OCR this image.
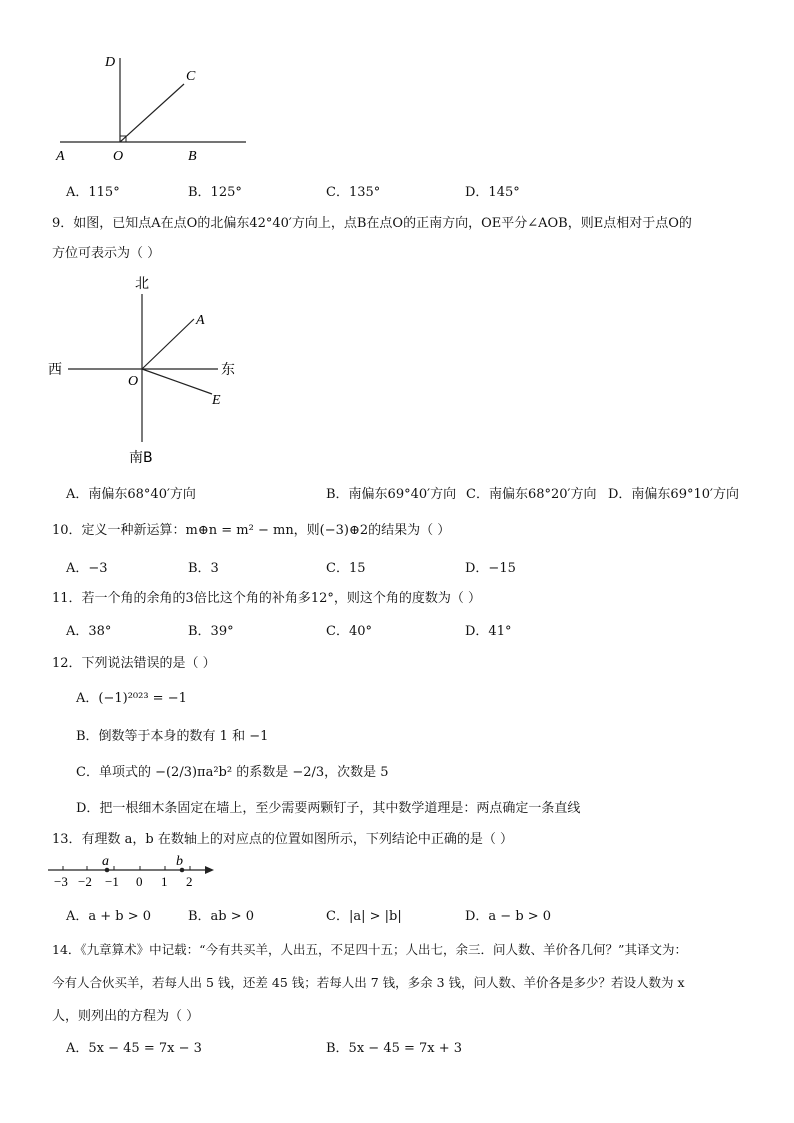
D
C
A	O	B
A．115°	B．125°	C．135°	D．145°
9．如图，已知点A在点O的北偏东42°40′方向上，点B在点O的正南方向，OE平分∠AOB，则E点相对于点O的
方位可表示为（ ）
北
西	东
南B
A
O
E
A．南偏东68°40′方向	B．南偏东69°40′方向 C．南偏东68°20′方向 D．南偏东69°10′方向
10．定义一种新运算：m⊕n = m² − mn，则(−3)⊕2的结果为（ ）
A．−3	B．3	C．15	D．−15
11．若一个角的余角的3倍比这个角的补角多12°，则这个角的度数为（ ）
A．38°	B．39°	C．40°	D．41°
12．下列说法错误的是（ ）
A．(−1)²⁰²³ = −1
B．倒数等于本身的数有 1 和 −1
C．单项式的 −(2/3)πa²b² 的系数是 −2/3，次数是 5
D．把一根细木条固定在墙上，至少需要两颗钉子，其中数学道理是：两点确定一条直线
13．有理数 a，b 在数轴上的对应点的位置如图所示，下列结论中正确的是（ ）
a	b
−3 −2 −1 0 1 2
A．a + b > 0	B．ab > 0	C．|a| > |b|	D．a − b > 0
14．《九章算术》中记载：“今有共买羊，人出五，不足四十五；人出七，余三．问人数、羊价各几何？”其译文为：
今有人合伙买羊，若每人出 5 钱，还差 45 钱；若每人出 7 钱，多余 3 钱，问人数、羊价各是多少？若设人数为 x
人，则列出的方程为（ ）
A．5x − 45 = 7x − 3	B．5x − 45 = 7x + 3
